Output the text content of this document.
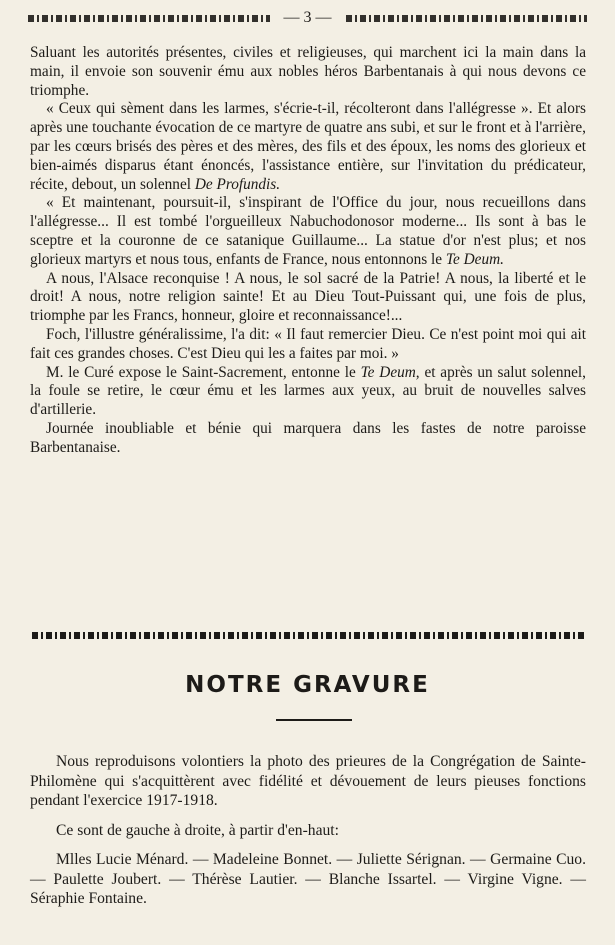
— 3 —

Saluant les autorités présentes, civiles et religieuses, qui marchent ici la main dans la main, il envoie son souvenir ému aux nobles héros Barbentanais à qui nous devons ce triomphe.

« Ceux qui sèment dans les larmes, s'écrie-t-il, récolteront dans l'allégresse ». Et alors après une touchante évocation de ce martyre de quatre ans subi, et sur le front et à l'arrière, par les cœurs brisés des pères et des mères, des fils et des époux, les noms des glorieux et bien-aimés disparus étant énoncés, l'assistance entière, sur l'invitation du prédicateur, récite, debout, un solennel De Profundis.

« Et maintenant, poursuit-il, s'inspirant de l'Office du jour, nous recueillons dans l'allégresse... Il est tombé l'orgueilleux Nabuchodonosor moderne... Ils sont à bas le sceptre et la couronne de ce satanique Guillaume... La statue d'or n'est plus; et nos glorieux martyrs et nous tous, enfants de France, nous entonnons le Te Deum.

A nous, l'Alsace reconquise ! A nous, le sol sacré de la Patrie! A nous, la liberté et le droit! A nous, notre religion sainte! Et au Dieu Tout-Puissant qui, une fois de plus, triomphe par les Francs, honneur, gloire et reconnaissance!...

Foch, l'illustre généralissime, l'a dit: « Il faut remercier Dieu. Ce n'est point moi qui ait fait ces grandes choses. C'est Dieu qui les a faites par moi. »

M. le Curé expose le Saint-Sacrement, entonne le Te Deum, et après un salut solennel, la foule se retire, le cœur ému et les larmes aux yeux, au bruit de nouvelles salves d'artillerie.

Journée inoubliable et bénie qui marquera dans les fastes de notre paroisse Barbentanaise.

NOTRE GRAVURE

Nous reproduisons volontiers la photo des prieures de la Congrégation de Sainte-Philomène qui s'acquittèrent avec fidélité et dévouement de leurs pieuses fonctions pendant l'exercice 1917-1918.

Ce sont de gauche à droite, à partir d'en-haut:

Mlles Lucie Ménard. — Madeleine Bonnet. — Juliette Sérignan. — Germaine Cuo. — Paulette Joubert. — Thérèse Lautier. — Blanche Issartel. — Virgine Vigne. — Séraphie Fontaine.
